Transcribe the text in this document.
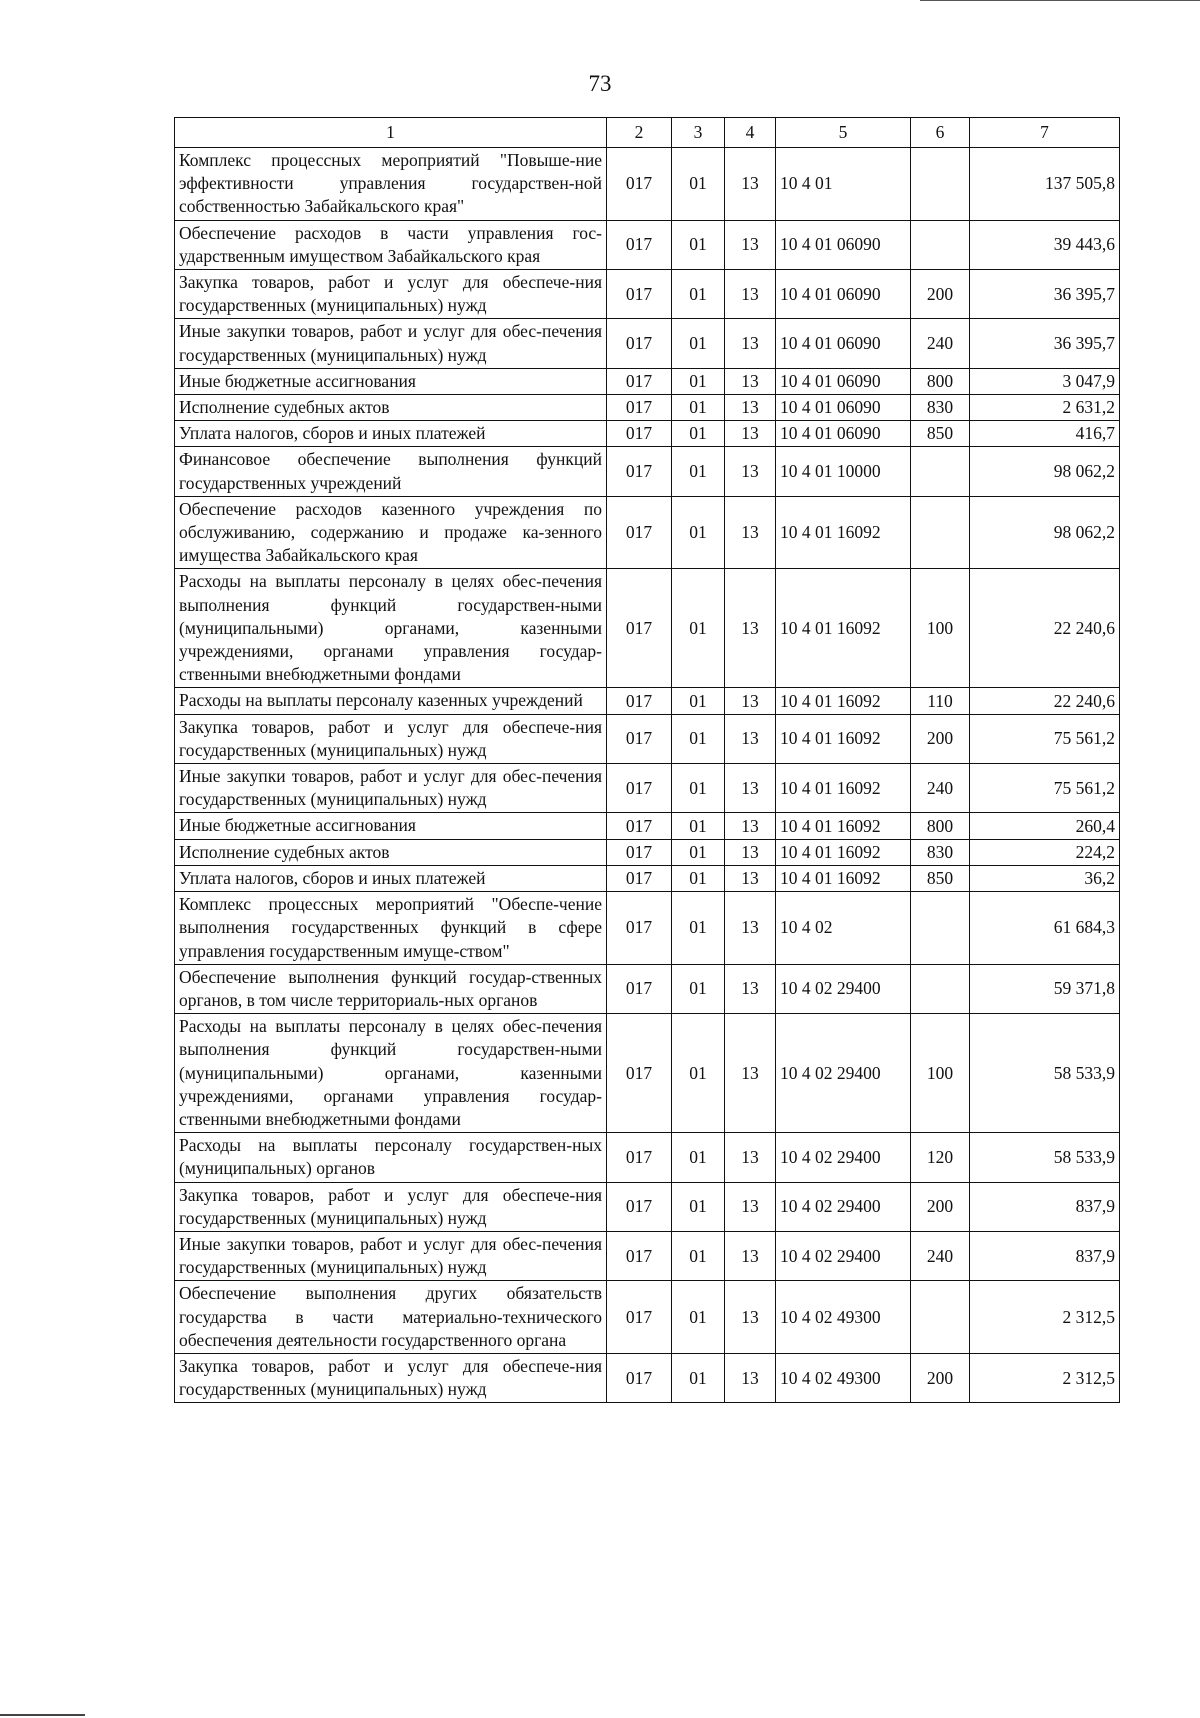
73
1	2	3	4	5	6	7
Комплекс процессных мероприятий "Повыше-ние эффективности управления государствен-ной собственностью Забайкальского края"	017	01	13	10 4 01		137 505,8
Обеспечение расходов в части управления гос-ударственным имуществом Забайкальского края	017	01	13	10 4 01 06090		39 443,6
Закупка товаров, работ и услуг для обеспече-ния государственных (муниципальных) нужд	017	01	13	10 4 01 06090	200	36 395,7
Иные закупки товаров, работ и услуг для обес-печения государственных (муниципальных) нужд	017	01	13	10 4 01 06090	240	36 395,7
Иные бюджетные ассигнования	017	01	13	10 4 01 06090	800	3 047,9
Исполнение судебных актов	017	01	13	10 4 01 06090	830	2 631,2
Уплата налогов, сборов и иных платежей	017	01	13	10 4 01 06090	850	416,7
Финансовое обеспечение выполнения функций государственных учреждений	017	01	13	10 4 01 10000		98 062,2
Обеспечение расходов казенного учреждения по обслуживанию, содержанию и продаже ка-зенного имущества Забайкальского края	017	01	13	10 4 01 16092		98 062,2
Расходы на выплаты персоналу в целях обес-печения выполнения функций государствен-ными (муниципальными) органами, казенными учреждениями, органами управления государ-ственными внебюджетными фондами	017	01	13	10 4 01 16092	100	22 240,6
Расходы на выплаты персоналу казенных учреждений	017	01	13	10 4 01 16092	110	22 240,6
Закупка товаров, работ и услуг для обеспече-ния государственных (муниципальных) нужд	017	01	13	10 4 01 16092	200	75 561,2
Иные закупки товаров, работ и услуг для обес-печения государственных (муниципальных) нужд	017	01	13	10 4 01 16092	240	75 561,2
Иные бюджетные ассигнования	017	01	13	10 4 01 16092	800	260,4
Исполнение судебных актов	017	01	13	10 4 01 16092	830	224,2
Уплата налогов, сборов и иных платежей	017	01	13	10 4 01 16092	850	36,2
Комплекс процессных мероприятий "Обеспе-чение выполнения государственных функций в сфере управления государственным имуще-ством"	017	01	13	10 4 02		61 684,3
Обеспечение выполнения функций государ-ственных органов, в том числе территориаль-ных органов	017	01	13	10 4 02 29400		59 371,8
Расходы на выплаты персоналу в целях обес-печения выполнения функций государствен-ными (муниципальными) органами, казенными учреждениями, органами управления государ-ственными внебюджетными фондами	017	01	13	10 4 02 29400	100	58 533,9
Расходы на выплаты персоналу государствен-ных (муниципальных) органов	017	01	13	10 4 02 29400	120	58 533,9
Закупка товаров, работ и услуг для обеспече-ния государственных (муниципальных) нужд	017	01	13	10 4 02 29400	200	837,9
Иные закупки товаров, работ и услуг для обес-печения государственных (муниципальных) нужд	017	01	13	10 4 02 29400	240	837,9
Обеспечение выполнения других обязательств государства в части материально-технического обеспечения деятельности государственного органа	017	01	13	10 4 02 49300		2 312,5
Закупка товаров, работ и услуг для обеспече-ния государственных (муниципальных) нужд	017	01	13	10 4 02 49300	200	2 312,5
